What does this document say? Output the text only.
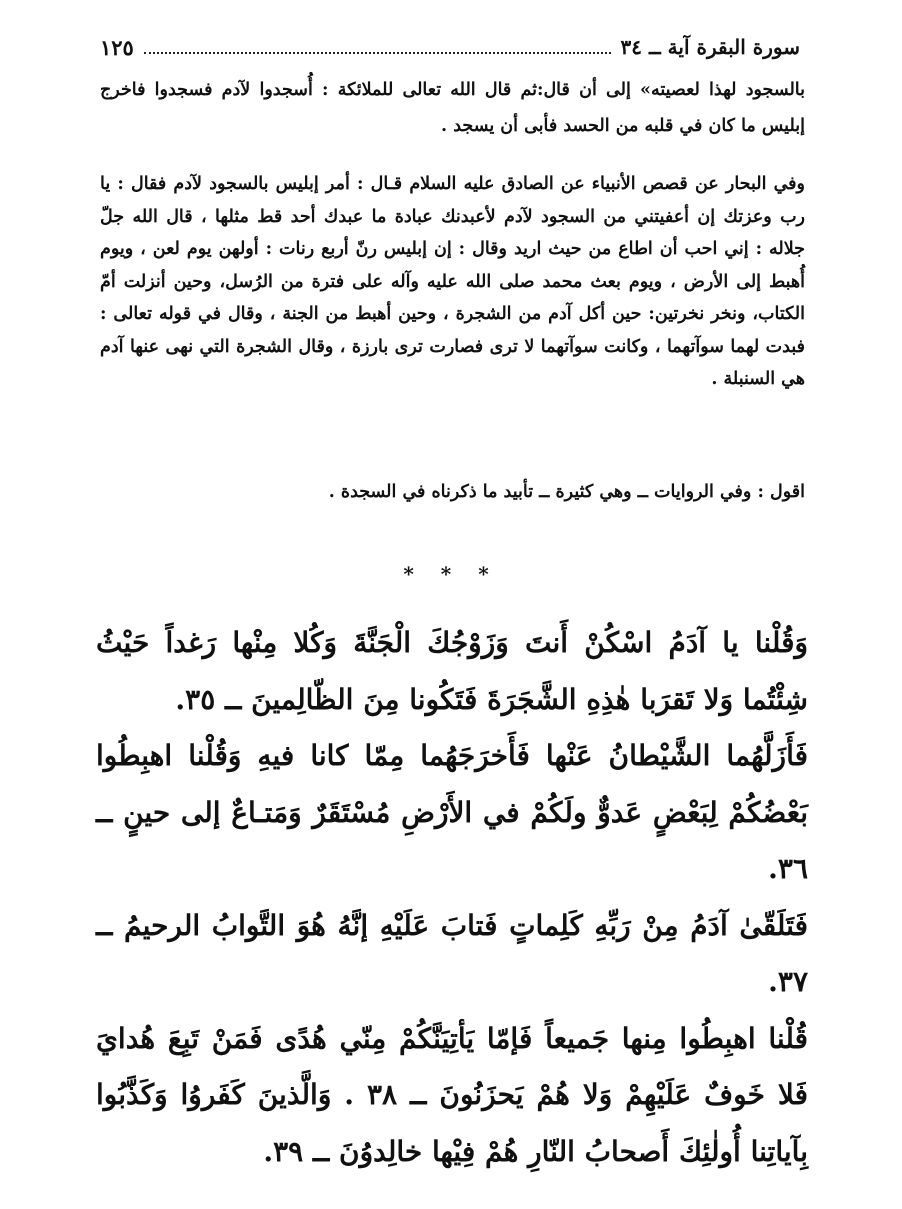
سورة البقرة آية ــ ٣٤
١٢٥

بالسجود لهذا لعصيته» إلى أن قال:ثم قال الله تعالى للملائكة : أُسجدوا لآدم فسجدوا فاخرج إبليس ما كان في قلبه من الحسد فأبى أن يسجد .

وفي البحار عن قصص الأنبياء عن الصادق عليه السلام قـال : أمر إبليس بالسجود لآدم فقال : يا رب وعزتك إن أعفيتني من السجود لآدم لأعبدنك عبادة ما عبدك أحد قط مثلها ، قال الله جلّ جلاله : إني احب أن اطاع من حيث اريد وقال : إن إبليس رنّ أربع رنات : أولهن يوم لعن ، ويوم أُهبط إلى الأرض ، ويوم بعث محمد صلى الله عليه وآله على فترة من الرُسل، وحين أنزلت أمّ الكتاب، ونخر نخرتين: حين أكل آدم من الشجرة ، وحين أهبط من الجنة ، وقال في قوله تعالى : فبدت لهما سوآتهما ، وكانت سوآتهما لا ترى فصارت ترى بارزة ، وقال الشجرة التي نهى عنها آدم هي السنبلة .

اقول : وفي الروايات ــ وهي كثيرة ــ تأبيد ما ذكرناه في السجدة .

* * *

وَقُلْنا يا آدَمُ اسْكُنْ أَنتَ وَزَوْجُكَ الْجَنَّةَ وَكُلا مِنْها رَغداً حَيْثُ شِئْتُما وَلا تَقرَبا هٰذِهِ الشَّجَرَةَ فَتَكُونا مِنَ الظّالِمينَ ــ ٣٥.

فَأَزَلَّهُما الشَّيْطانُ عَنْها فَأَخرَجَهُما مِمّا كانا فيهِ وَقُلْنا اهبِطُوا بَعْضُكُمْ لِبَعْضٍ عَدوٌّ ولَكُمْ في الأَرْضِ مُسْتَقَرٌ وَمَتـاعٌ إلى حينٍ ــ ٣٦.

فَتَلَقّىٰ آدَمُ مِنْ رَبِّهِ كَلِماتٍ فَتابَ عَلَيْهِ إنَّهُ هُوَ التَّوابُ الرحيمُ ــ ٣٧.

قُلْنا اهبِطُوا مِنها جَميعاً فَإمّا يَأتِيَنَّكُمْ مِنّي هُدًى فَمَنْ تَبِعَ هُدايَ فَلا خَوفٌ عَلَيْهِمْ وَلا هُمْ يَحزَنُونَ ــ ٣٨ . وَالَّذينَ كَفَروُا وَكَذَّبُوا بِآياتِنا أُولٰئِكَ أَصحابُ النّارِ هُمْ فِيْها خالِدوُنَ ــ ٣٩.
